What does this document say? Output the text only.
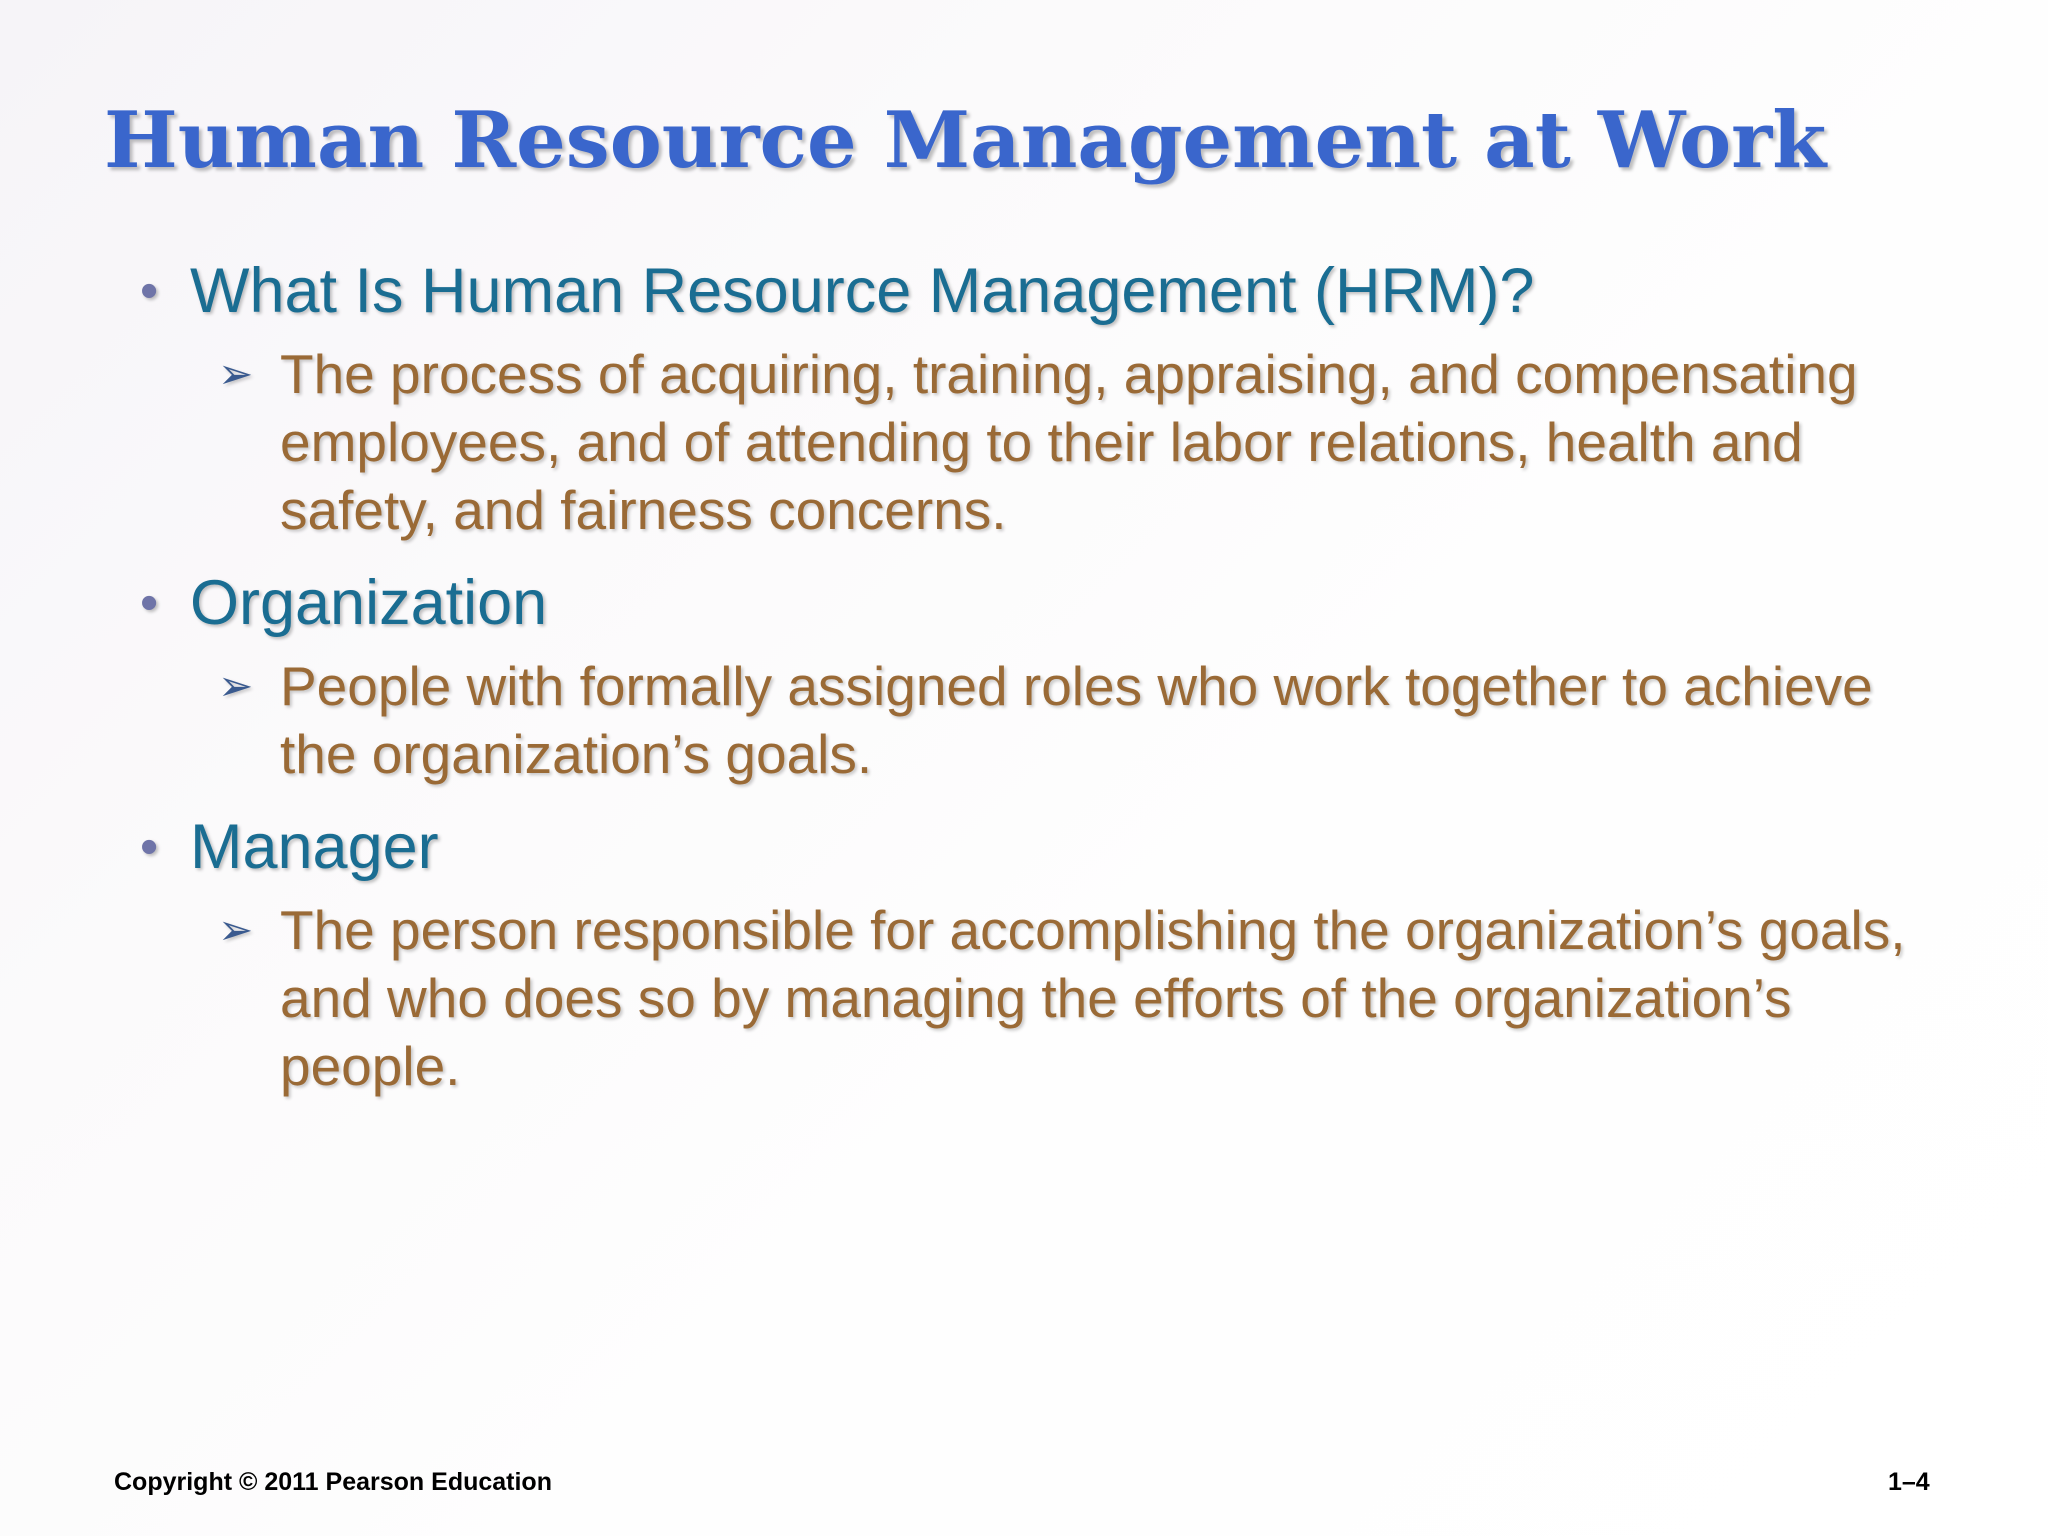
Human Resource Management at Work

• What Is Human Resource Management (HRM)?

➢ The process of acquiring, training, appraising, and compensating employees, and of attending to their labor relations, health and safety, and fairness concerns.

• Organization

➢ People with formally assigned roles who work together to achieve the organization’s goals.

• Manager

➢ The person responsible for accomplishing the organization’s goals, and who does so by managing the efforts of the organization’s people.

Copyright © 2011 Pearson Education	1–4
